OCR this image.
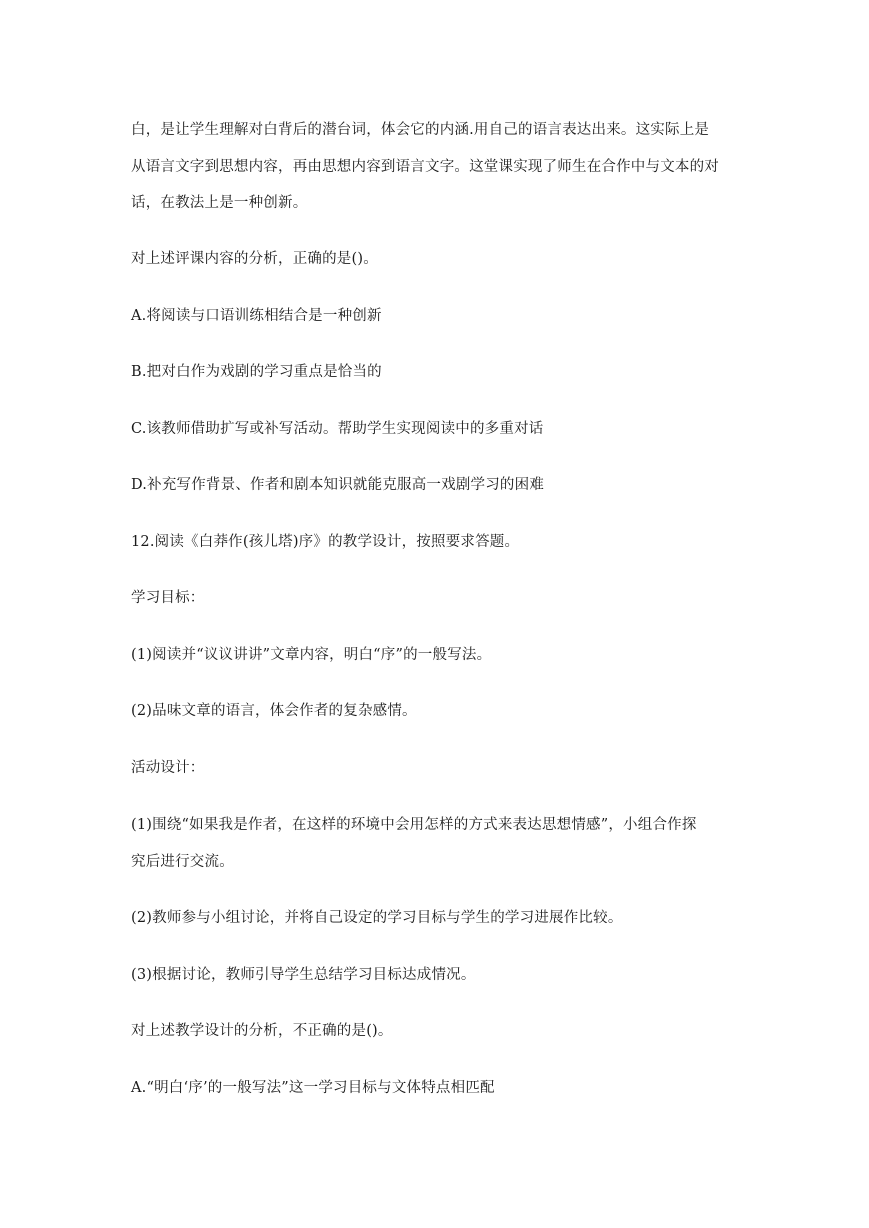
白，是让学生理解对白背后的潜台词，体会它的内涵.用自己的语言表达出来。这实际上是
从语言文字到思想内容，再由思想内容到语言文字。这堂课实现了师生在合作中与文本的对
话，在教法上是一种创新。
对上述评课内容的分析，正确的是()。
A.将阅读与口语训练相结合是一种创新
B.把对白作为戏剧的学习重点是恰当的
C.该教师借助扩写或补写活动。帮助学生实现阅读中的多重对话
D.补充写作背景、作者和剧本知识就能克服高一戏剧学习的困难
12.阅读《白莽作(孩儿塔)序》的教学设计，按照要求答题。
学习目标：
(1)阅读并“议议讲讲”文章内容，明白“序”的一般写法。
(2)品味文章的语言，体会作者的复杂感情。
活动设计：
(1)围绕“如果我是作者，在这样的环境中会用怎样的方式来表达思想情感”，小组合作探
究后进行交流。
(2)教师参与小组讨论，并将自己设定的学习目标与学生的学习进展作比较。
(3)根据讨论，教师引导学生总结学习目标达成情况。
对上述教学设计的分析，不正确的是()。
A.“明白‘序’的一般写法”这一学习目标与文体特点相匹配
